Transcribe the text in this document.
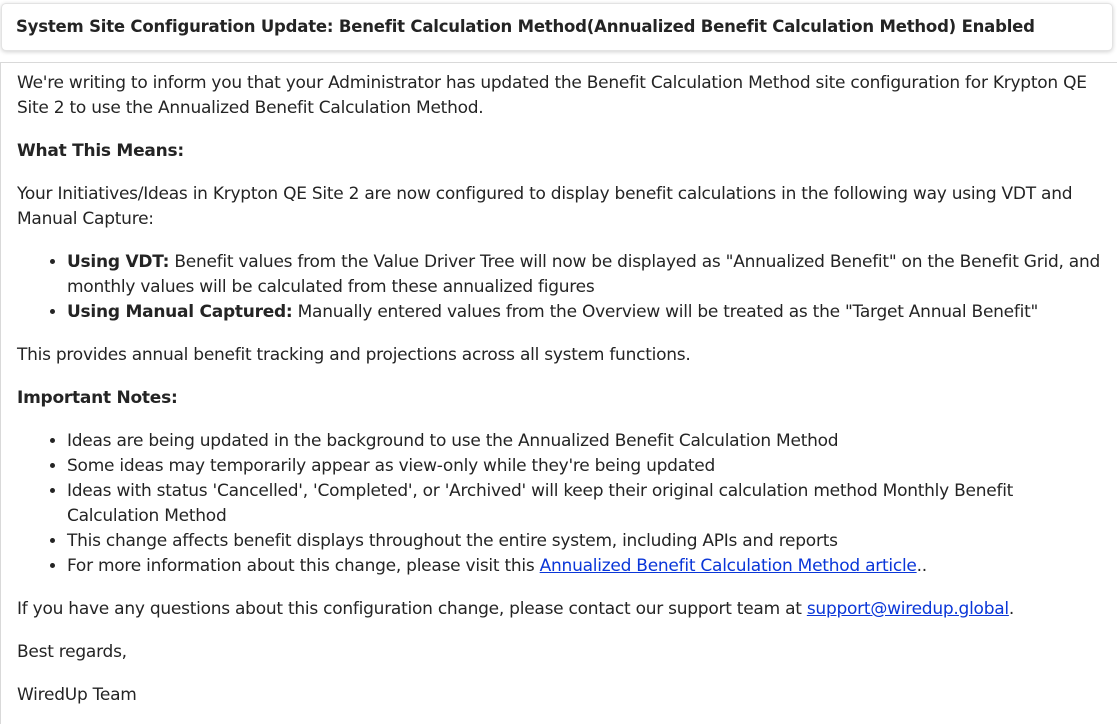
System Site Configuration Update: Benefit Calculation Method(Annualized Benefit Calculation Method) Enabled

We're writing to inform you that your Administrator has updated the Benefit Calculation Method site configuration for Krypton QE Site 2 to use the Annualized Benefit Calculation Method.

What This Means:

Your Initiatives/Ideas in Krypton QE Site 2 are now configured to display benefit calculations in the following way using VDT and Manual Capture:

• Using VDT: Benefit values from the Value Driver Tree will now be displayed as "Annualized Benefit" on the Benefit Grid, and monthly values will be calculated from these annualized figures
• Using Manual Captured: Manually entered values from the Overview will be treated as the "Target Annual Benefit"

This provides annual benefit tracking and projections across all system functions.

Important Notes:

• Ideas are being updated in the background to use the Annualized Benefit Calculation Method
• Some ideas may temporarily appear as view-only while they're being updated
• Ideas with status 'Cancelled', 'Completed', or 'Archived' will keep their original calculation method Monthly Benefit Calculation Method
• This change affects benefit displays throughout the entire system, including APIs and reports
• For more information about this change, please visit this Annualized Benefit Calculation Method article..

If you have any questions about this configuration change, please contact our support team at support@wiredup.global.

Best regards,

WiredUp Team
